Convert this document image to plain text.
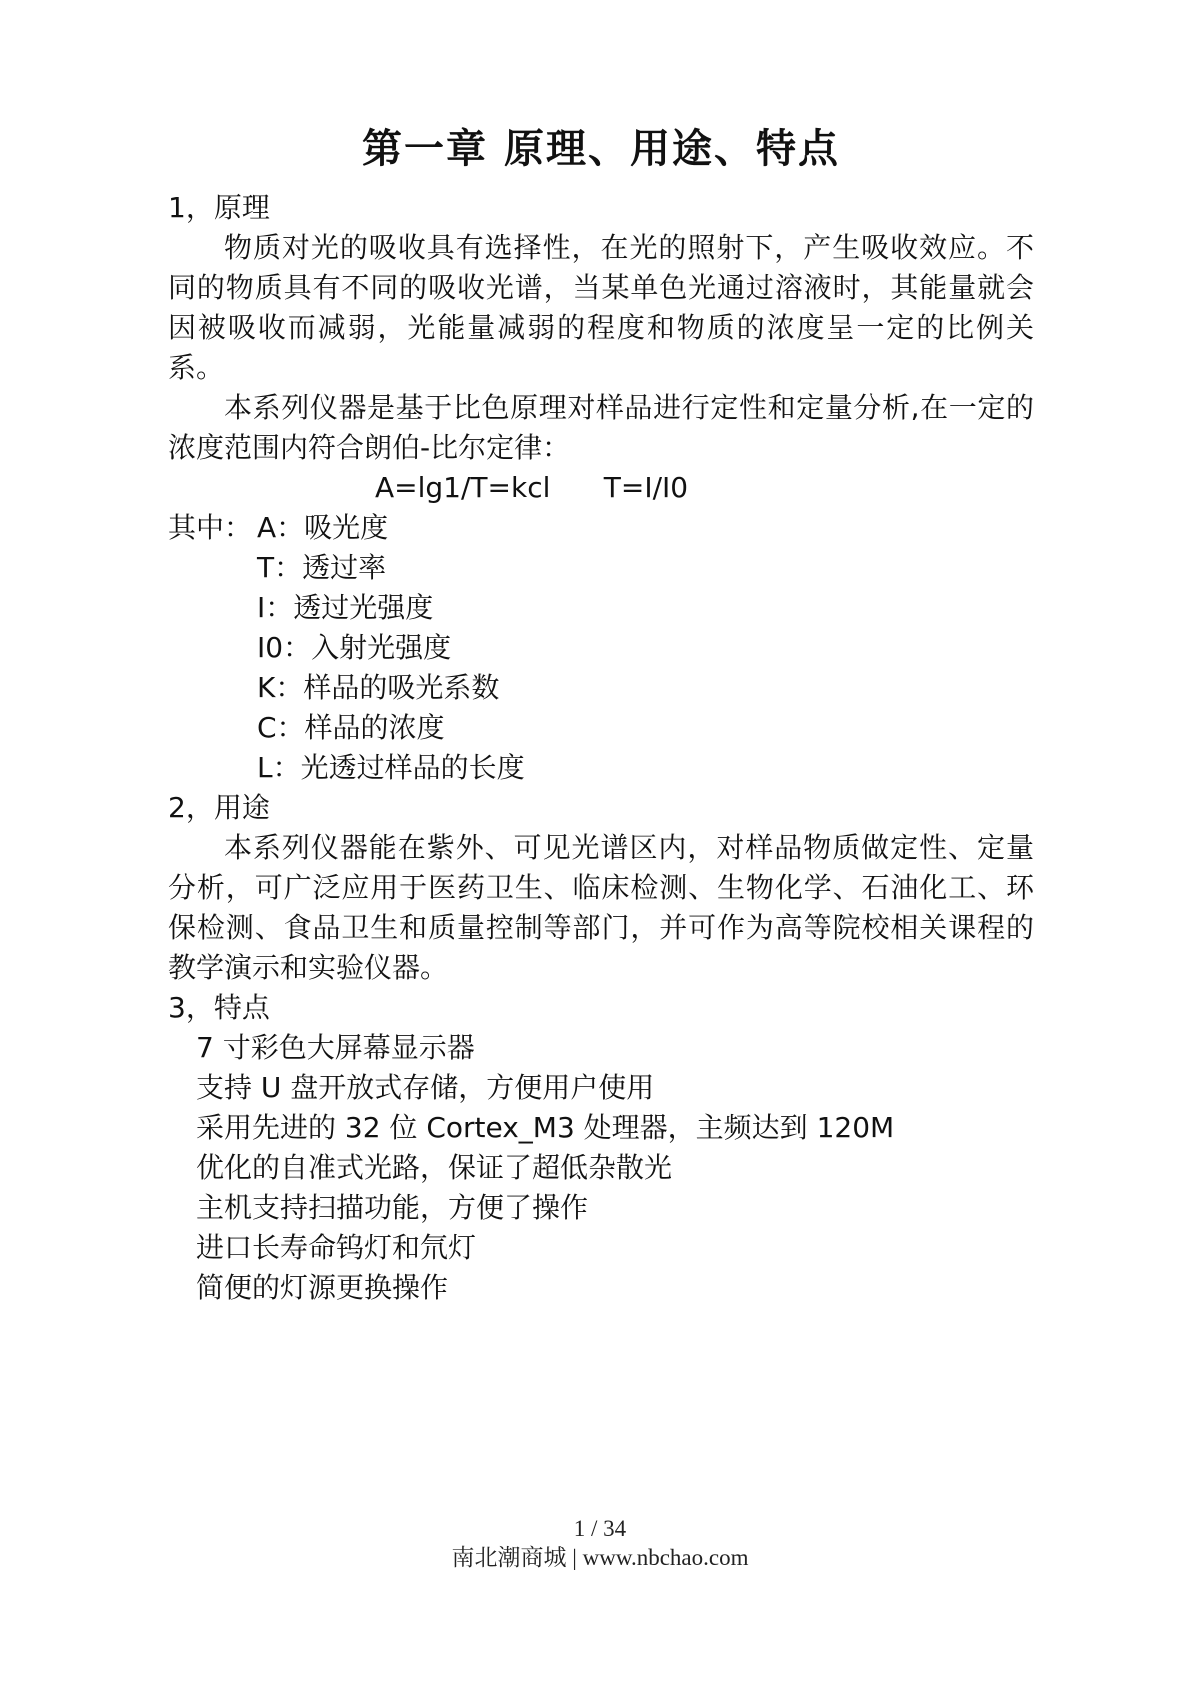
第一章 原理、用途、特点
1，原理

物质对光的吸收具有选择性，在光的照射下，产生吸收效应。不同的物质具有不同的吸收光谱，当某单色光通过溶液时，其能量就会因被吸收而减弱，光能量减弱的程度和物质的浓度呈一定的比例关系。

本系列仪器是基于比色原理对样品进行定性和定量分析,在一定的浓度范围内符合朗伯-比尔定律：

A=lg1/T=kcl      T=I/I0
其中： A：吸光度
T：透过率
I：透过光强度
I0：入射光强度
K：样品的吸光系数
C：样品的浓度
L：光透过样品的长度
2，用途

本系列仪器能在紫外、可见光谱区内，对样品物质做定性、定量分析，可广泛应用于医药卫生、临床检测、生物化学、石油化工、环保检测、食品卫生和质量控制等部门，并可作为高等院校相关课程的教学演示和实验仪器。

3，特点
7 寸彩色大屏幕显示器
支持 U 盘开放式存储，方便用户使用
采用先进的 32 位 Cortex_M3 处理器，主频达到 120M
优化的自准式光路，保证了超低杂散光
主机支持扫描功能，方便了操作
进口长寿命钨灯和氘灯
简便的灯源更换操作
1 / 34
南北潮商城 | www.nbchao.com
